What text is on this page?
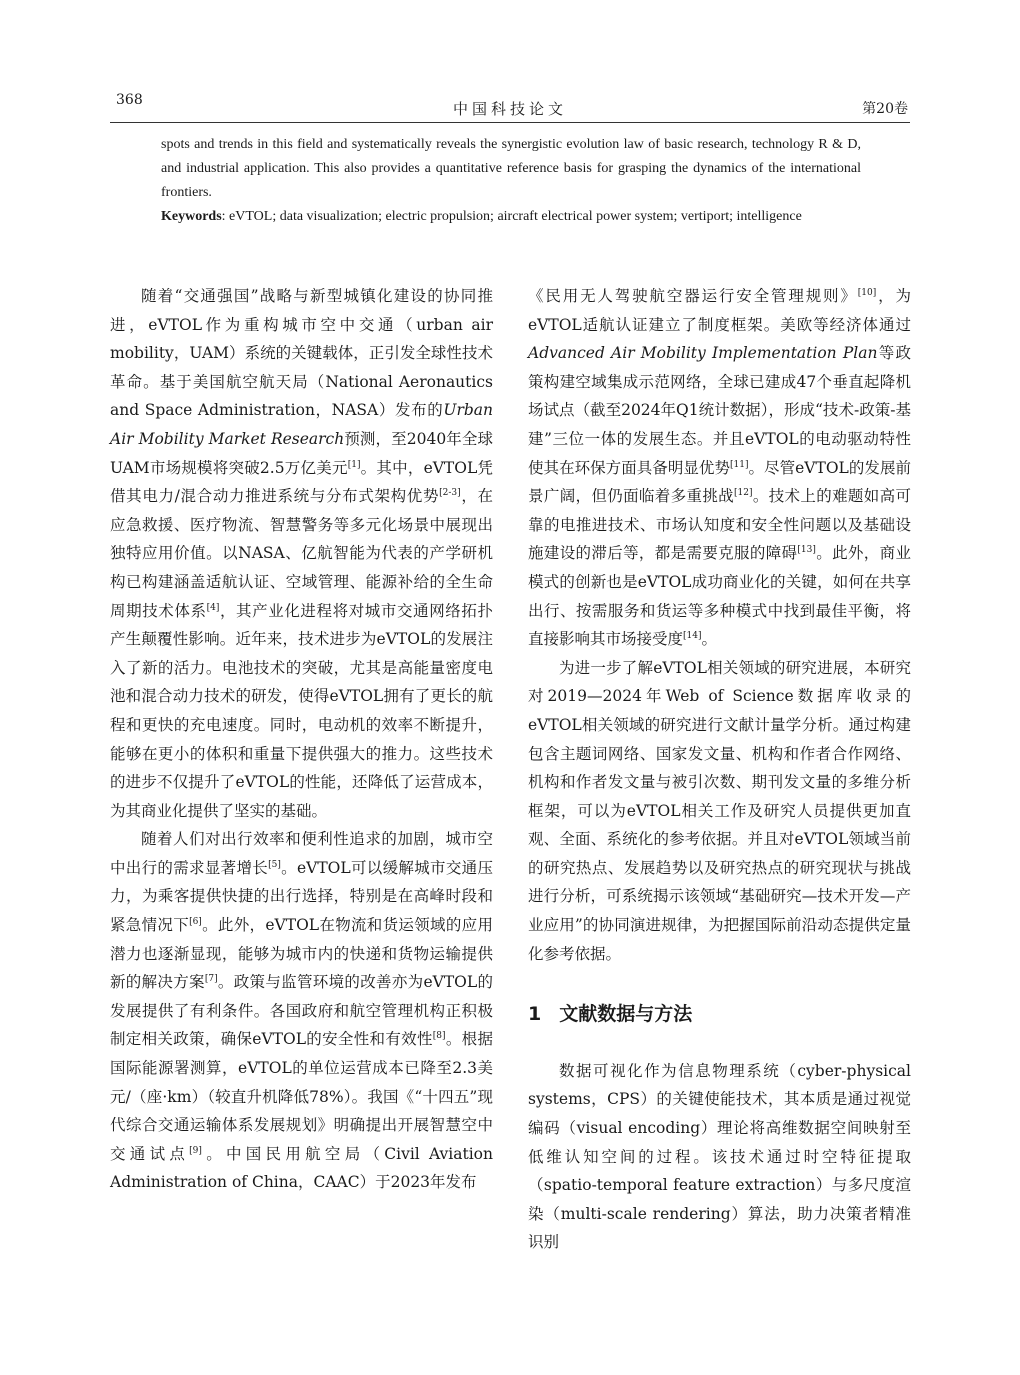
368	中国科技论文	第20卷

spots and trends in this field and systematically reveals the synergistic evolution law of basic research, technology R & D, and industrial application. This also provides a quantitative reference basis for grasping the dynamics of the international frontiers.

Keywords: eVTOL; data visualization; electric propulsion; aircraft electrical power system; vertiport; intelligence

随着“交通强国”战略与新型城镇化建设的协同推进，eVTOL作为重构城市空中交通（urban air mobility，UAM）系统的关键载体，正引发全球性技术革命。基于美国航空航天局（National Aeronautics and Space Administration，NASA）发布的Urban Air Mobility Market Research预测，至2040年全球UAM市场规模将突破2.5万亿美元[1]。其中，eVTOL凭借其电力/混合动力推进系统与分布式架构优势[2-3]，在应急救援、医疗物流、智慧警务等多元化场景中展现出独特应用价值。以NASA、亿航智能为代表的产学研机构已构建涵盖适航认证、空域管理、能源补给的全生命周期技术体系[4]，其产业化进程将对城市交通网络拓扑产生颠覆性影响。近年来，技术进步为eVTOL的发展注入了新的活力。电池技术的突破，尤其是高能量密度电池和混合动力技术的研发，使得eVTOL拥有了更长的航程和更快的充电速度。同时，电动机的效率不断提升，能够在更小的体积和重量下提供强大的推力。这些技术的进步不仅提升了eVTOL的性能，还降低了运营成本，为其商业化提供了坚实的基础。

随着人们对出行效率和便利性追求的加剧，城市空中出行的需求显著增长[5]。eVTOL可以缓解城市交通压力，为乘客提供快捷的出行选择，特别是在高峰时段和紧急情况下[6]。此外，eVTOL在物流和货运领域的应用潜力也逐渐显现，能够为城市内的快递和货物运输提供新的解决方案[7]。政策与监管环境的改善亦为eVTOL的发展提供了有利条件。各国政府和航空管理机构正积极制定相关政策，确保eVTOL的安全性和有效性[8]。根据国际能源署测算，eVTOL的单位运营成本已降至2.3美元/（座·km）（较直升机降低78%）。我国《“十四五”现代综合交通运输体系发展规划》明确提出开展智慧空中交通试点[9]。中国民用航空局（Civil Aviation Administration of China，CAAC）于2023年发布

《民用无人驾驶航空器运行安全管理规则》[10]，为eVTOL适航认证建立了制度框架。美欧等经济体通过Advanced Air Mobility Implementation Plan等政策构建空域集成示范网络，全球已建成47个垂直起降机场试点（截至2024年Q1统计数据），形成“技术-政策-基建”三位一体的发展生态。并且eVTOL的电动驱动特性使其在环保方面具备明显优势[11]。尽管eVTOL的发展前景广阔，但仍面临着多重挑战[12]。技术上的难题如高可靠的电推进技术、市场认知度和安全性问题以及基础设施建设的滞后等，都是需要克服的障碍[13]。此外，商业模式的创新也是eVTOL成功商业化的关键，如何在共享出行、按需服务和货运等多种模式中找到最佳平衡，将直接影响其市场接受度[14]。

为进一步了解eVTOL相关领域的研究进展，本研究对2019—2024年Web of Science数据库收录的eVTOL相关领域的研究进行文献计量学分析。通过构建包含主题词网络、国家发文量、机构和作者合作网络、机构和作者发文量与被引次数、期刊发文量的多维分析框架，可以为eVTOL相关工作及研究人员提供更加直观、全面、系统化的参考依据。并且对eVTOL领域当前的研究热点、发展趋势以及研究热点的研究现状与挑战进行分析，可系统揭示该领域“基础研究—技术开发—产业应用”的协同演进规律，为把握国际前沿动态提供定量化参考依据。

1 文献数据与方法

数据可视化作为信息物理系统（cyber-physical systems，CPS）的关键使能技术，其本质是通过视觉编码（visual encoding）理论将高维数据空间映射至低维认知空间的过程。该技术通过时空特征提取（spatio-temporal feature extraction）与多尺度渲染（multi-scale rendering）算法，助力决策者精准识别
